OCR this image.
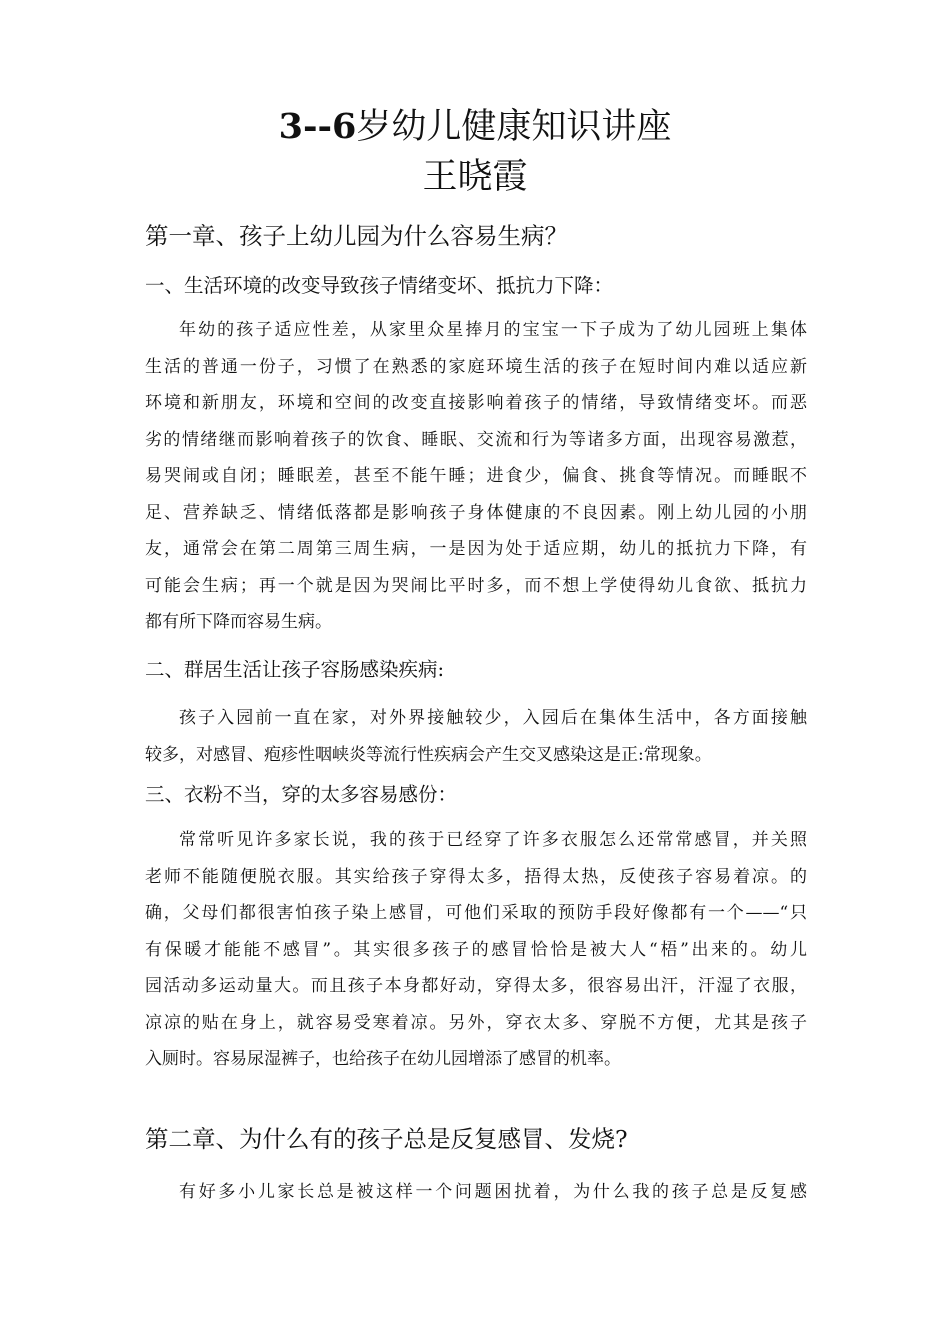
3--6岁幼儿健康知识讲座
王晓霞
第一章、孩子上幼儿园为什么容易生病？
一、生活环境的改变导致孩子情绪变坏、抵抗力下降：
年幼的孩子适应性差，从家里众星捧月的宝宝一下子成为了幼儿园班上集体
生活的普通一份子，习惯了在熟悉的家庭环境生活的孩子在短时间内难以适应新
环境和新朋友，环境和空间的改变直接影响着孩子的情绪，导致情绪变坏。而恶
劣的情绪继而影响着孩子的饮食、睡眠、交流和行为等诸多方面，出现容易激惹，
易哭闹或自闭；睡眠差，甚至不能午睡；进食少，偏食、挑食等情况。而睡眠不
足、营养缺乏、情绪低落都是影响孩子身体健康的不良因素。刚上幼儿园的小朋
友，通常会在第二周第三周生病，一是因为处于适应期，幼儿的抵抗力下降，有
可能会生病；再一个就是因为哭闹比平时多，而不想上学使得幼儿食欲、抵抗力
都有所下降而容易生病。
二、群居生活让孩子容肠感染疾病:
孩子入园前一直在家，对外界接触较少，入园后在集体生活中，各方面接触
较多，对感冒、疱疹性咽峡炎等流行性疾病会产生交叉感染这是正:常现象。
三、衣粉不当，穿的太多容易感份：
常常听见许多家长说，我的孩于已经穿了许多衣服怎么还常常感冒，并关照
老师不能随便脱衣服。其实给孩子穿得太多，捂得太热，反使孩子容易着凉。的
确，父母们都很害怕孩子染上感冒，可他们采取的预防手段好像都有一个——“只
有保暖才能能不感冒”。其实很多孩子的感冒恰恰是被大人“梧”出来的。幼儿
园活动多运动量大。而且孩子本身都好动，穿得太多，很容易出汗，汗湿了衣服，
凉凉的贴在身上，就容易受寒着凉。另外，穿衣太多、穿脱不方便，尤其是孩子
入厕时。容易尿湿裤子，也给孩子在幼儿园增添了感冒的机率。
第二章、为什么有的孩子总是反复感冒、发烧?
有好多小儿家长总是被这样一个问题困扰着，为什么我的孩子总是反复感
